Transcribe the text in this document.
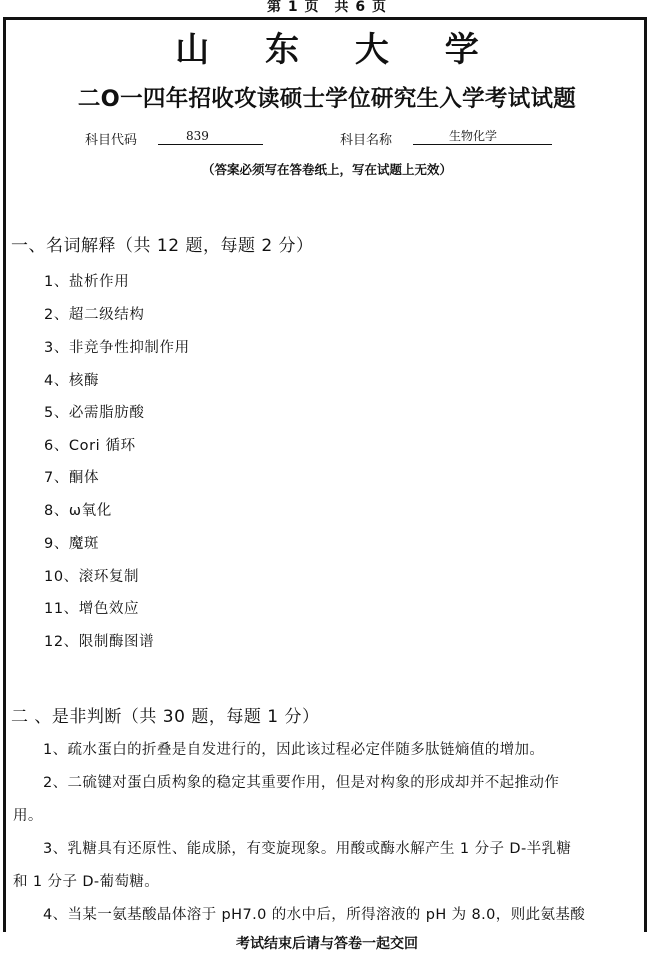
第 1 页　共 6 页
山 东 大 学
二O一四年招收攻读硕士学位研究生入学考试试题
科目代码	839	科目名称	生物化学
（答案必须写在答卷纸上，写在试题上无效）
一、名词解释（共 12 题，每题 2 分）
1、盐析作用
2、超二级结构
3、非竞争性抑制作用
4、核酶
5、必需脂肪酸
6、Cori 循环
7、酮体
8、ω氧化
9、魔斑
10、滚环复制
11、增色效应
12、限制酶图谱
二 、是非判断（共 30 题，每题 1 分）
1、疏水蛋白的折叠是自发进行的，因此该过程必定伴随多肽链熵值的增加。
2、二硫键对蛋白质构象的稳定其重要作用，但是对构象的形成却并不起推动作
用。
3、乳糖具有还原性、能成脎，有变旋现象。用酸或酶水解产生 1 分子 D-半乳糖
和 1 分子 D-葡萄糖。
4、当某一氨基酸晶体溶于 pH7.0 的水中后，所得溶液的 pH 为 8.0，则此氨基酸
考试结束后请与答卷一起交回
